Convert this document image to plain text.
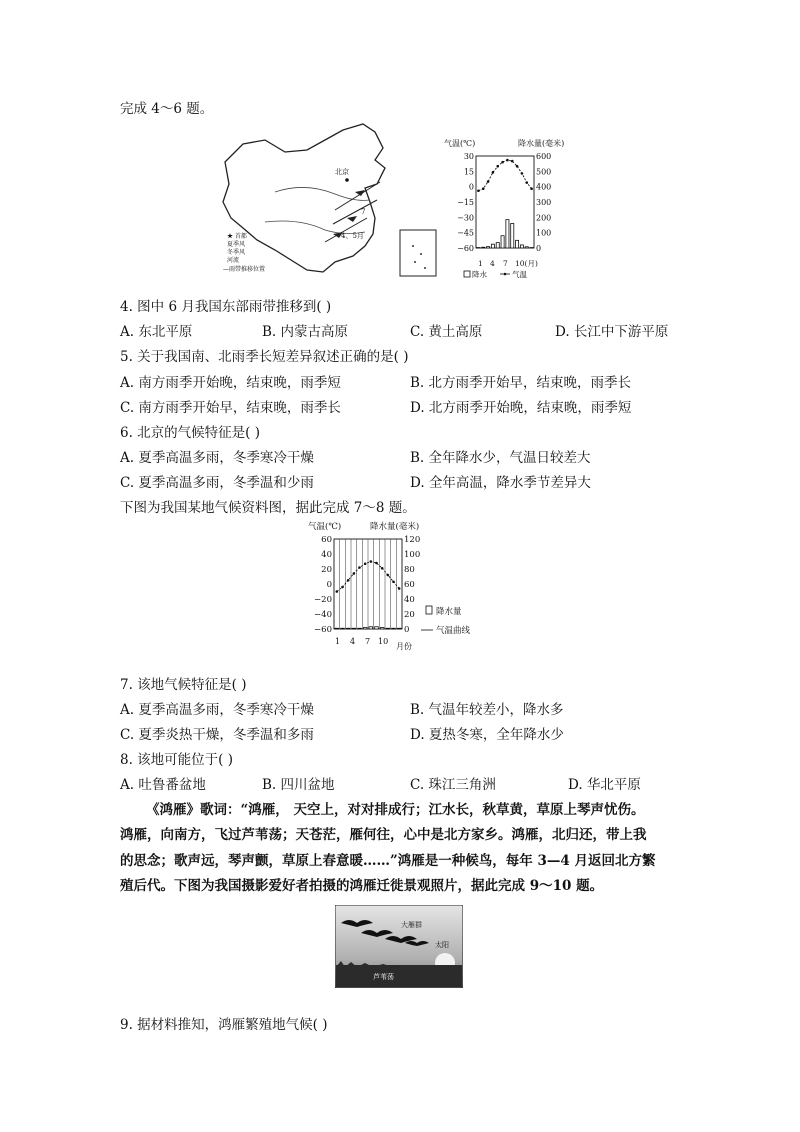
完成 4～6 题。
北京
7
4、5月
★ 首都
夏季风
冬季风
河流
—雨带推移位置
气温(℃)	降水量(毫米)
30	600
15	500
0	400
−15	300
−30	200
−45	100
−60	0
1 4 7 10(月)
降水	气温
4. 图中 6 月我国东部雨带推移到( )
A. 东北平原	B. 内蒙古高原	C. 黄土高原	D. 长江中下游平原
5. 关于我国南、北雨季长短差异叙述正确的是( )
A. 南方雨季开始晚，结束晚，雨季短	B. 北方雨季开始早，结束晚，雨季长
C. 南方雨季开始早，结束晚，雨季长	D. 北方雨季开始晚，结束晚，雨季短
6. 北京的气候特征是( )
A. 夏季高温多雨，冬季寒冷干燥	B. 全年降水少，气温日较差大
C. 夏季高温多雨，冬季温和少雨	D. 全年高温，降水季节差异大
下图为我国某地气候资料图，据此完成 7～8 题。
气温(℃)	降水量(毫米)
60	120
40	100
20	80
0	60
−20	40
−40	20
−60	0
1 4 7 10
月份
降水量
气温曲线
7. 该地气候特征是( )
A. 夏季高温多雨，冬季寒冷干燥	B. 气温年较差小，降水多
C. 夏季炎热干燥，冬季温和多雨	D. 夏热冬寒，全年降水少
8. 该地可能位于( )
A. 吐鲁番盆地	B. 四川盆地	C. 珠江三角洲	D. 华北平原
《鸿雁》歌词：“鸿雁， 天空上，对对排成行；江水长，秋草黄，草原上琴声忧伤。
鸿雁，向南方，飞过芦苇荡；天苍茫，雁何往，心中是北方家乡。鸿雁，北归还，带上我
的思念；歌声远，琴声颤，草原上春意暖……”鸿雁是一种候鸟，每年 3—4 月返回北方繁
殖后代。下图为我国摄影爱好者拍摄的鸿雁迁徙景观照片，据此完成 9～10 题。
大雁群
太阳
芦苇荡
9. 据材料推知，鸿雁繁殖地气候( )
